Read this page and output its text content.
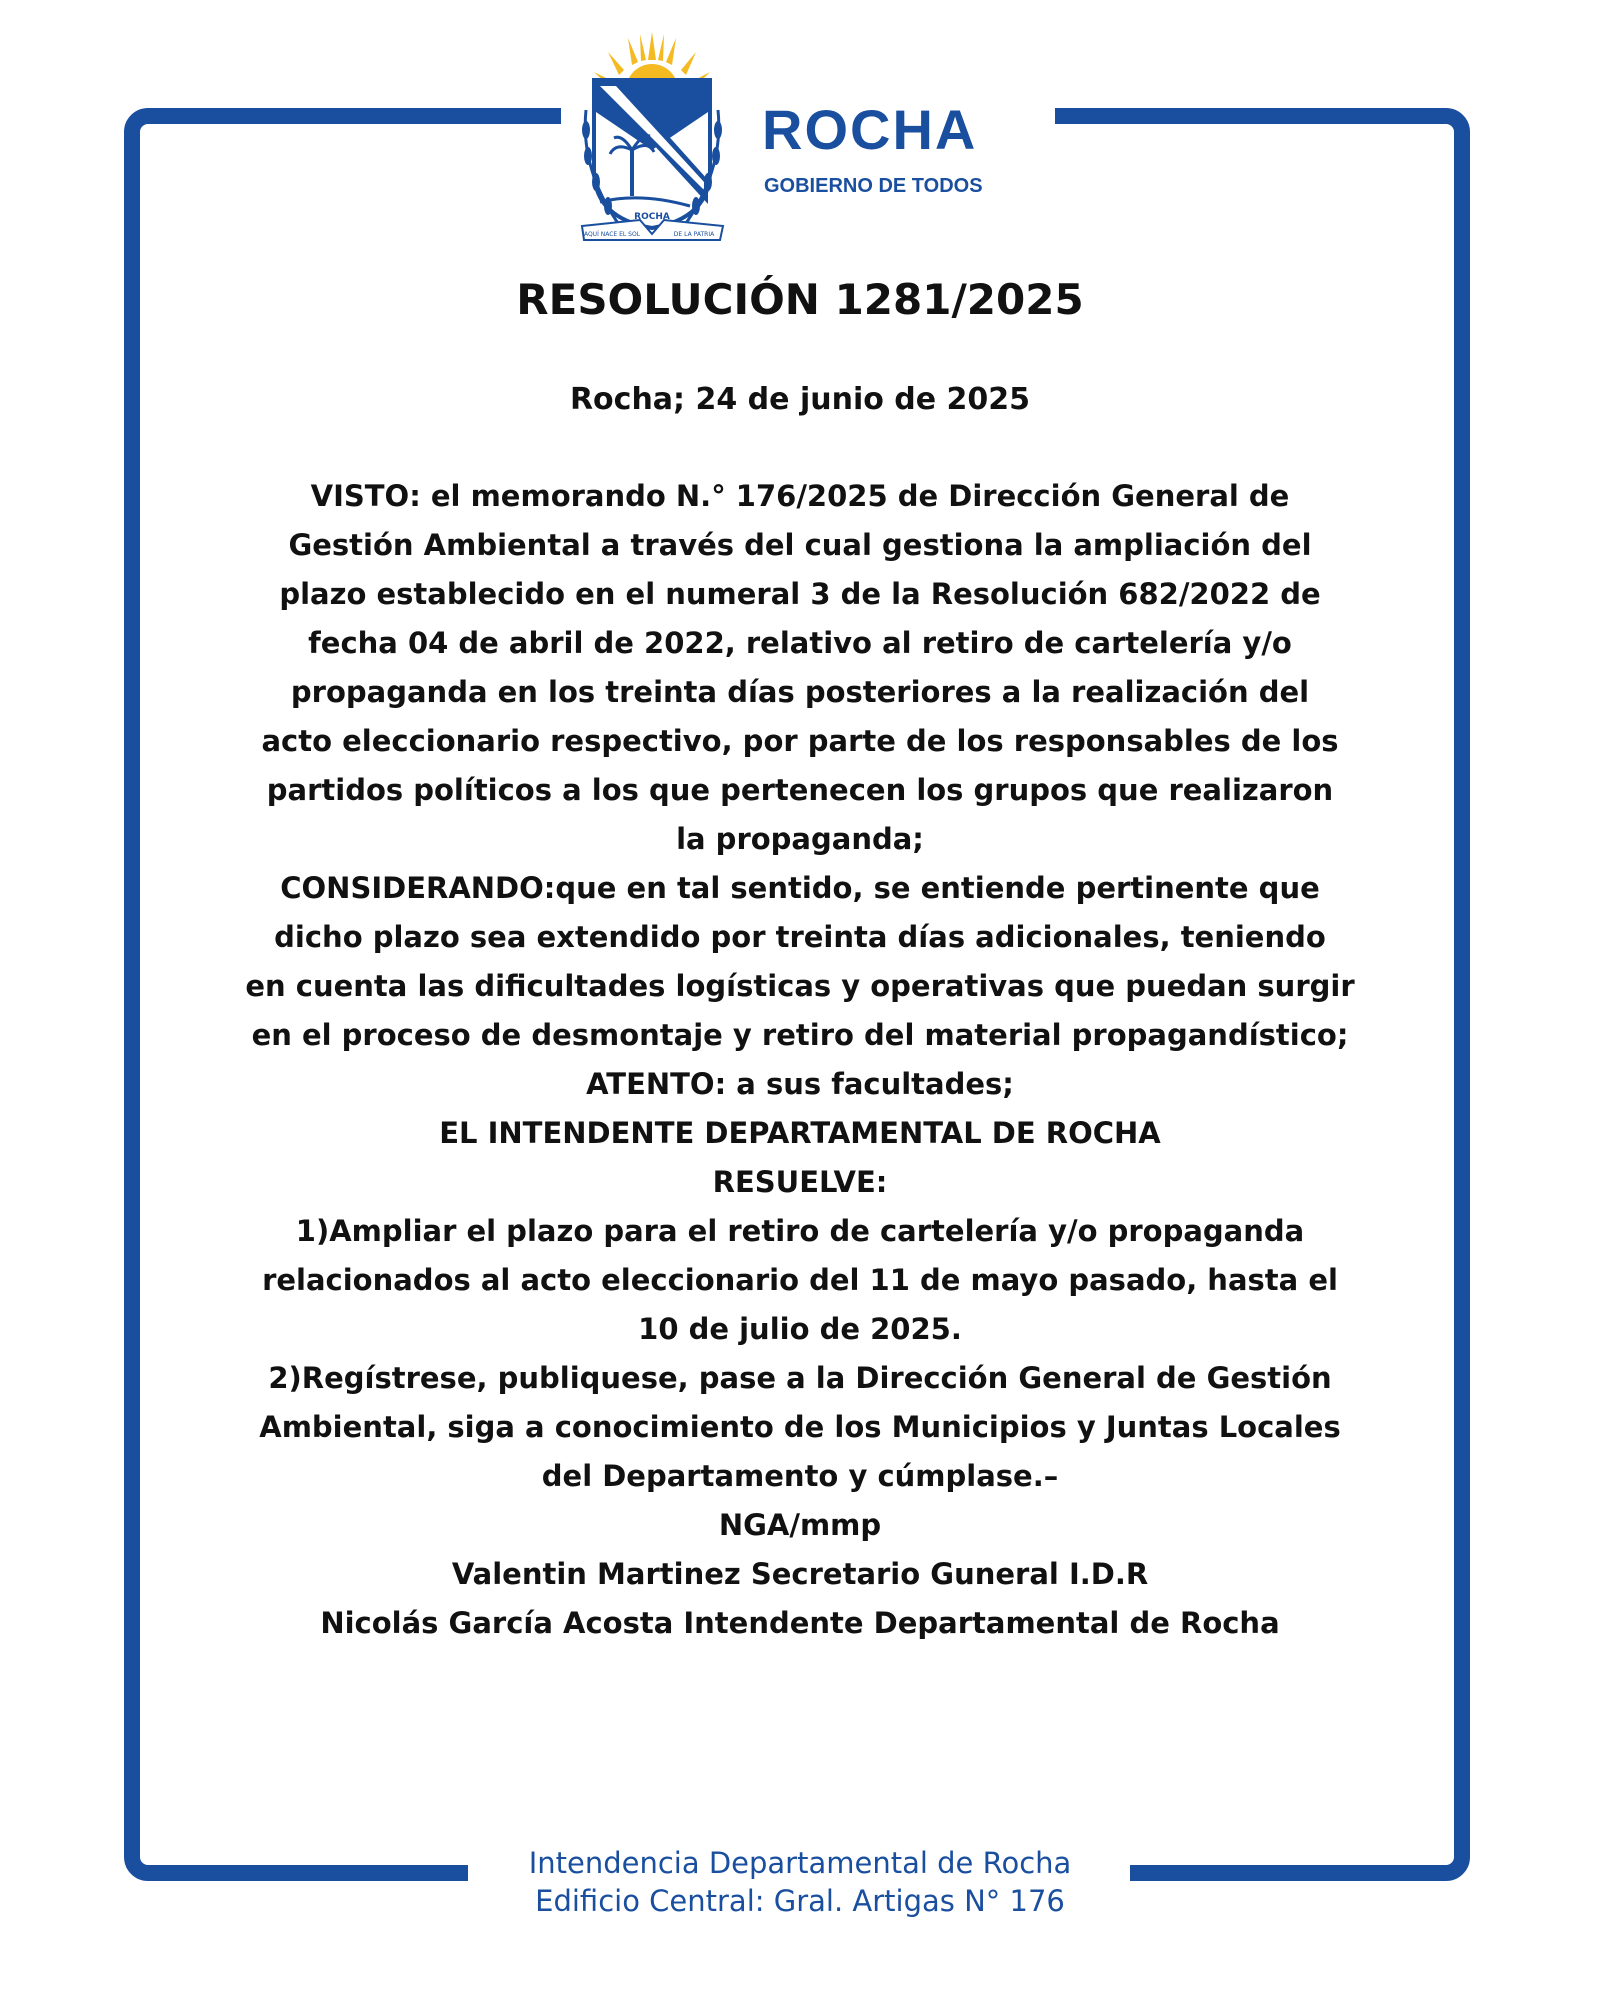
ROCHA
AQUÍ NACE EL SOL	DE LA PATRIA
ROCHA
GOBIERNO DE TODOS
RESOLUCIÓN 1281/2025
Rocha; 24 de junio de 2025
VISTO: el memorando N.° 176/2025 de Dirección General de
Gestión Ambiental a través del cual gestiona la ampliación del
plazo establecido en el numeral 3 de la Resolución 682/2022 de
fecha 04 de abril de 2022, relativo al retiro de cartelería y/o
propaganda en los treinta días posteriores a la realización del
acto eleccionario respectivo, por parte de los responsables de los
partidos políticos a los que pertenecen los grupos que realizaron
la propaganda;
CONSIDERANDO:que en tal sentido, se entiende pertinente que
dicho plazo sea extendido por treinta días adicionales, teniendo
en cuenta las dificultades logísticas y operativas que puedan surgir
en el proceso de desmontaje y retiro del material propagandístico;
ATENTO: a sus facultades;
EL INTENDENTE DEPARTAMENTAL DE ROCHA
RESUELVE:
1)Ampliar el plazo para el retiro de cartelería y/o propaganda
relacionados al acto eleccionario del 11 de mayo pasado, hasta el
10 de julio de 2025.
2)Regístrese, publiquese, pase a la Dirección General de Gestión
Ambiental, siga a conocimiento de los Municipios y Juntas Locales
del Departamento y cúmplase.–
NGA/mmp
Valentin Martinez Secretario Guneral I.D.R
Nicolás García Acosta Intendente Departamental de Rocha
Intendencia Departamental de Rocha
Edificio Central: Gral. Artigas N° 176
